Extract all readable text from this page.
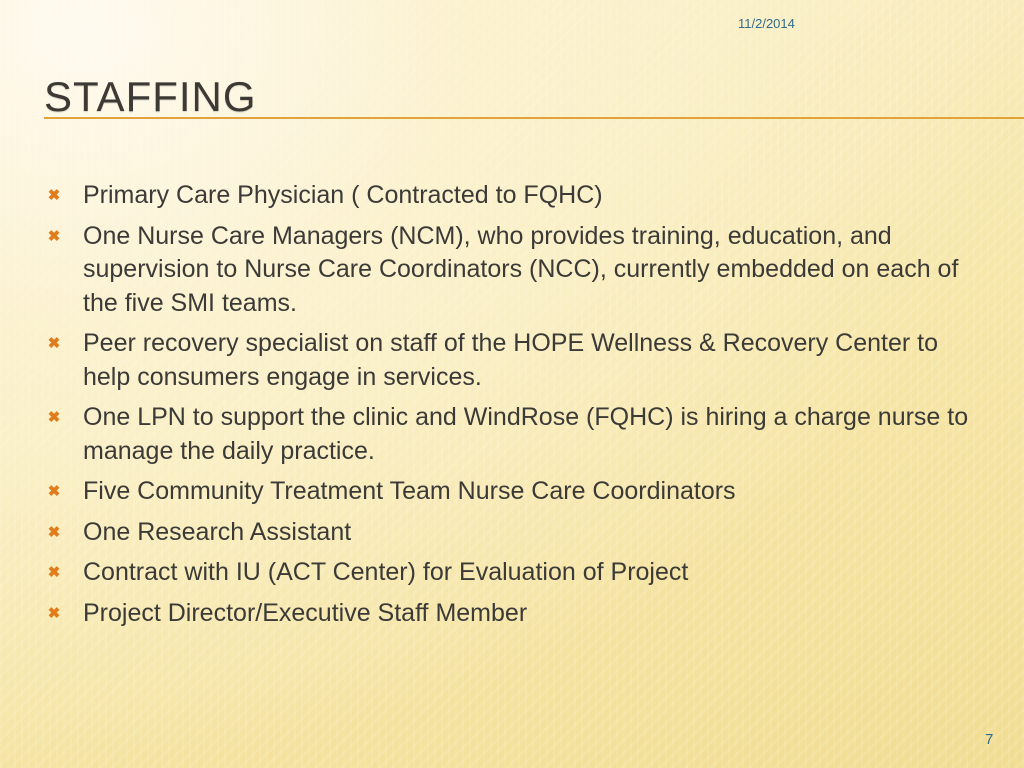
11/2/2014
STAFFING
✖ Primary Care Physician ( Contracted to FQHC)
✖ One Nurse Care Managers (NCM), who provides training, education, and supervision to Nurse Care Coordinators (NCC), currently embedded on each of the five SMI teams.
✖ Peer recovery specialist on staff of the HOPE Wellness & Recovery Center to help consumers engage in services.
✖ One LPN to support the clinic and WindRose (FQHC) is hiring a charge nurse to manage the daily practice.
✖ Five Community Treatment Team Nurse Care Coordinators
✖ One Research Assistant
✖ Contract with IU (ACT Center) for Evaluation of Project
✖ Project Director/Executive Staff Member
7
